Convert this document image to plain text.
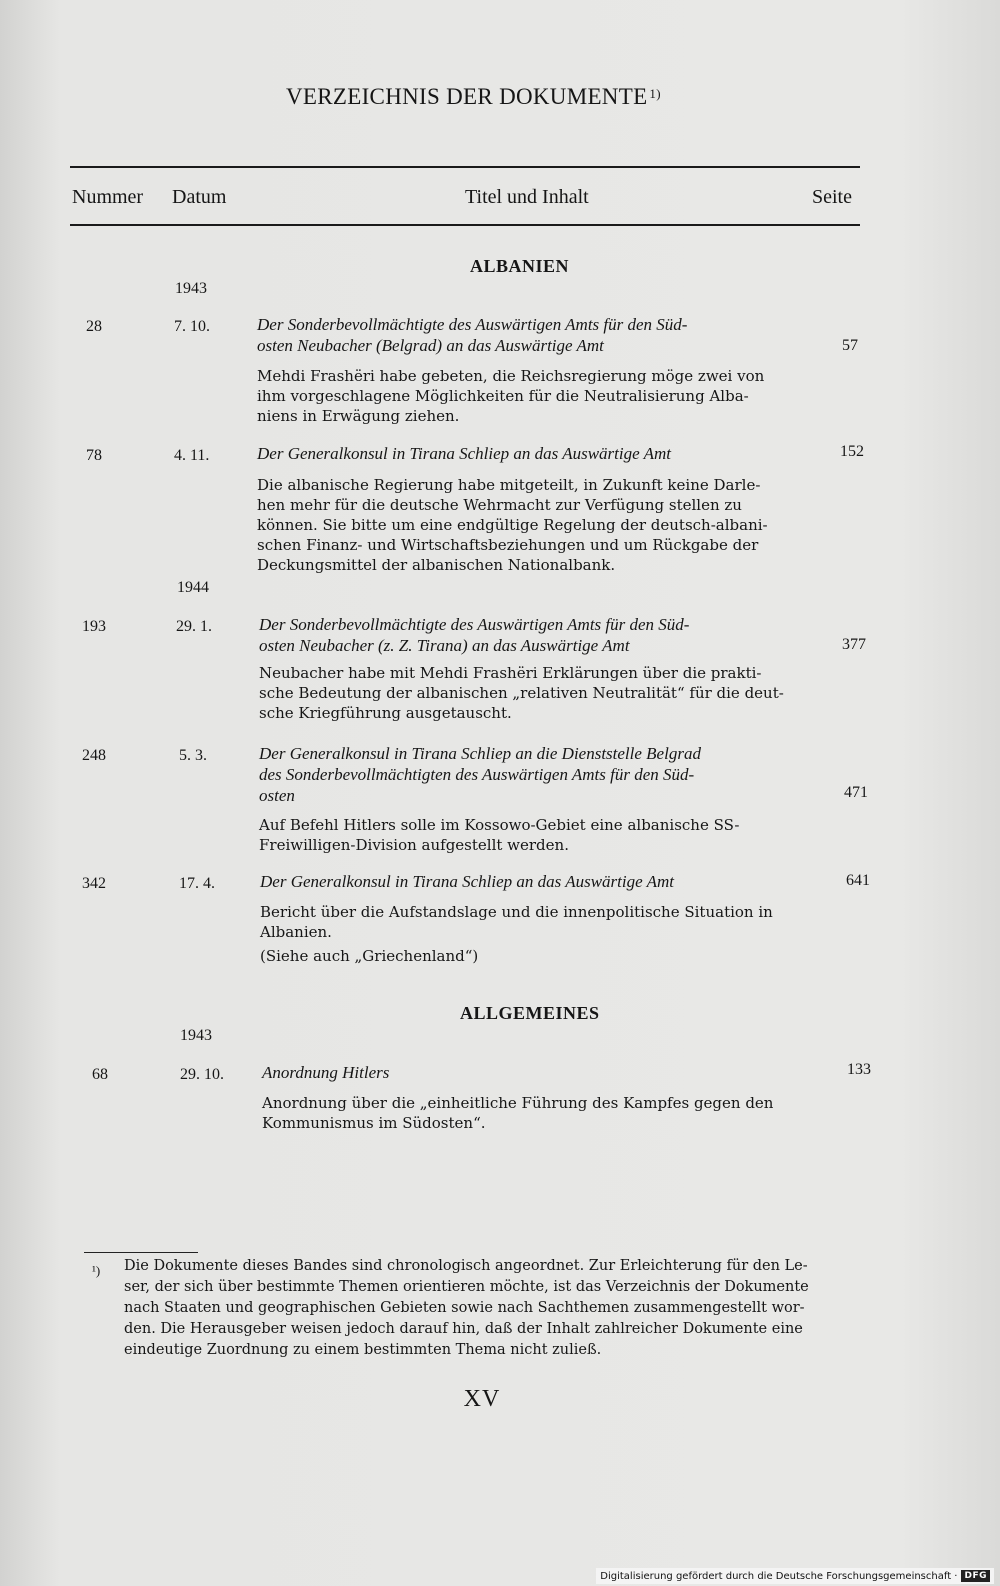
VERZEICHNIS DER DOKUMENTE $^{1)}$
Nummer Datum	Titel und Inhalt	Seite
ALBANIEN
1943
28	7. 10.	Der Sonderbevollmächtigte des Auswärtigen Amts für den Süd-
osten Neubacher (Belgrad) an das Auswärtige Amt	57
Mehdi Frashëri habe gebeten, die Reichsregierung möge zwei von
ihm vorgeschlagene Möglichkeiten für die Neutralisierung Alba-
niens in Erwägung ziehen.
78	4. 11.	Der Generalkonsul in Tirana Schliep an das Auswärtige Amt	152
Die albanische Regierung habe mitgeteilt, in Zukunft keine Darle-
hen mehr für die deutsche Wehrmacht zur Verfügung stellen zu
können. Sie bitte um eine endgültige Regelung der deutsch-albani-
schen Finanz- und Wirtschaftsbeziehungen und um Rückgabe der
Deckungsmittel der albanischen Nationalbank.
1944
193	29. 1.	Der Sonderbevollmächtigte des Auswärtigen Amts für den Süd-
osten Neubacher (z. Z. Tirana) an das Auswärtige Amt	377
Neubacher habe mit Mehdi Frashëri Erklärungen über die prakti-
sche Bedeutung der albanischen „relativen Neutralität“ für die deut-
sche Kriegführung ausgetauscht.
248	5. 3.	Der Generalkonsul in Tirana Schliep an die Dienststelle Belgrad
des Sonderbevollmächtigten des Auswärtigen Amts für den Süd-
osten	471
Auf Befehl Hitlers solle im Kossowo-Gebiet eine albanische SS-
Freiwilligen-Division aufgestellt werden.
342	17. 4.	Der Generalkonsul in Tirana Schliep an das Auswärtige Amt	641
Bericht über die Aufstandslage und die innenpolitische Situation in
Albanien.
(Siehe auch „Griechenland“)
ALLGEMEINES
1943
68	29. 10.	Anordnung Hitlers	133
Anordnung über die „einheitliche Führung des Kampfes gegen den
Kommunismus im Südosten“.
¹) Die Dokumente dieses Bandes sind chronologisch angeordnet. Zur Erleichterung für den Le-
ser, der sich über bestimmte Themen orientieren möchte, ist das Verzeichnis der Dokumente
nach Staaten und geographischen Gebieten sowie nach Sachthemen zusammengestellt wor-
den. Die Herausgeber weisen jedoch darauf hin, daß der Inhalt zahlreicher Dokumente eine
eindeutige Zuordnung zu einem bestimmten Thema nicht zuließ.
XV
Digitalisierung gefördert durch die Deutsche Forschungsgemeinschaft · DFG
